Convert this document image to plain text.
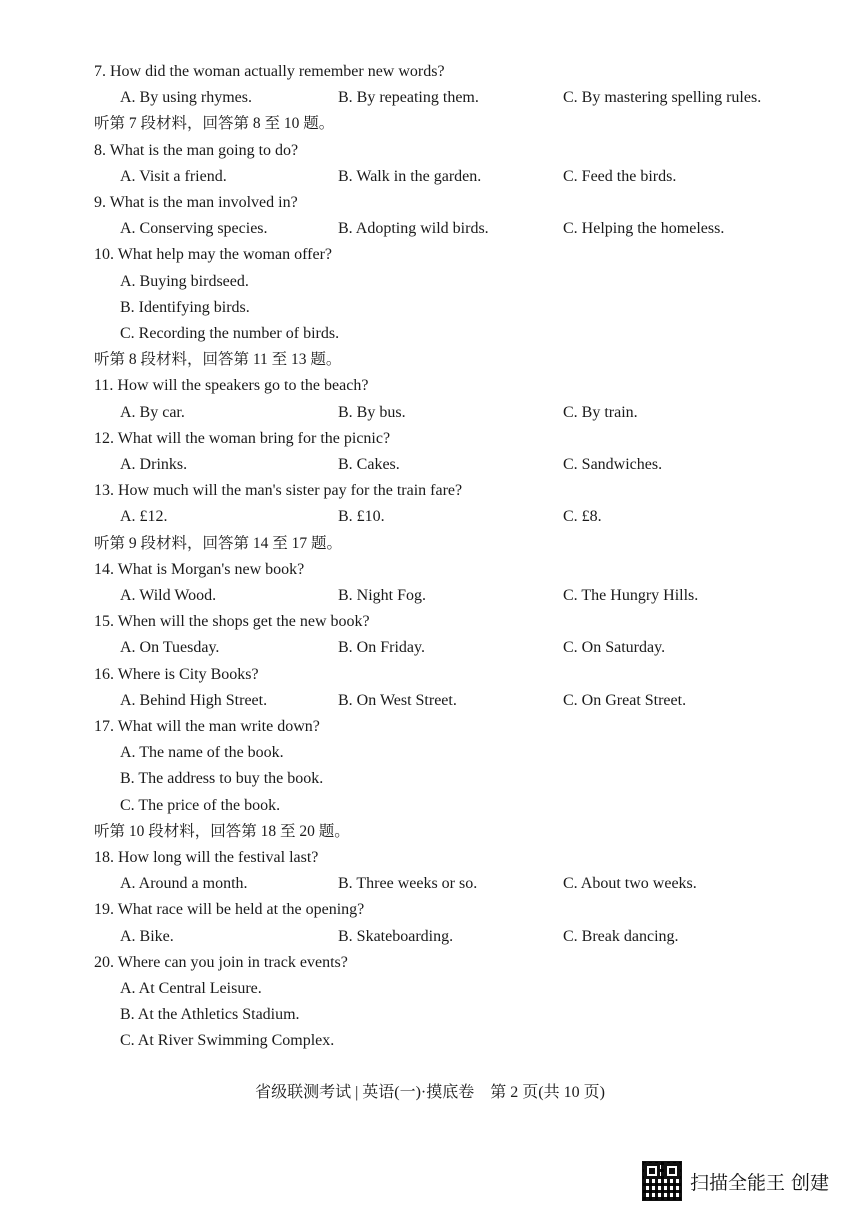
7. How did the woman actually remember new words?
A. By using rhymes.	B. By repeating them.	C. By mastering spelling rules.
听第 7 段材料，回答第 8 至 10 题。
8. What is the man going to do?
A. Visit a friend.	B. Walk in the garden.	C. Feed the birds.
9. What is the man involved in?
A. Conserving species.	B. Adopting wild birds.	C. Helping the homeless.
10. What help may the woman offer?
A. Buying birdseed.
B. Identifying birds.
C. Recording the number of birds.
听第 8 段材料，回答第 11 至 13 题。
11. How will the speakers go to the beach?
A. By car.	B. By bus.	C. By train.
12. What will the woman bring for the picnic?
A. Drinks.	B. Cakes.	C. Sandwiches.
13. How much will the man's sister pay for the train fare?
A. £12.	B. £10.	C. £8.
听第 9 段材料，回答第 14 至 17 题。
14. What is Morgan's new book?
A. Wild Wood.	B. Night Fog.	C. The Hungry Hills.
15. When will the shops get the new book?
A. On Tuesday.	B. On Friday.	C. On Saturday.
16. Where is City Books?
A. Behind High Street.	B. On West Street.	C. On Great Street.
17. What will the man write down?
A. The name of the book.
B. The address to buy the book.
C. The price of the book.
听第 10 段材料，回答第 18 至 20 题。
18. How long will the festival last?
A. Around a month.	B. Three weeks or so.	C. About two weeks.
19. What race will be held at the opening?
A. Bike.	B. Skateboarding.	C. Break dancing.
20. Where can you join in track events?
A. At Central Leisure.
B. At the Athletics Stadium.
C. At River Swimming Complex.
省级联测考试 | 英语(一)·摸底卷　第 2 页(共 10 页)
扫描全能王 创建
